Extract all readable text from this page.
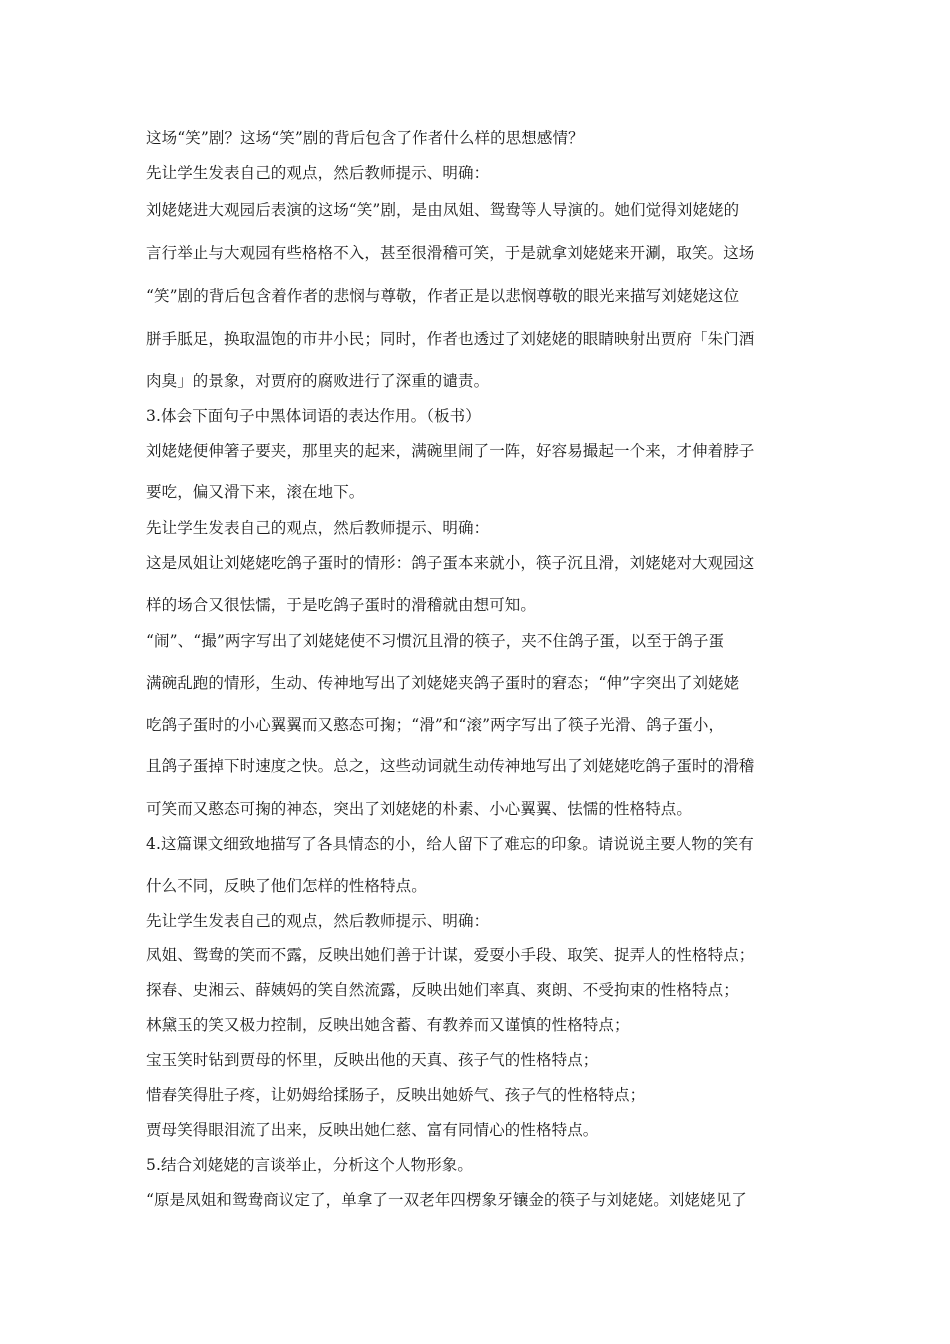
这场“笑”剧？这场“笑”剧的背后包含了作者什么样的思想感情？
先让学生发表自己的观点，然后教师提示、明确：
刘姥姥进大观园后表演的这场“笑”剧，是由凤姐、鸳鸯等人导演的。她们觉得刘姥姥的
言行举止与大观园有些格格不入，甚至很滑稽可笑，于是就拿刘姥姥来开涮，取笑。这场
“笑”剧的背后包含着作者的悲悯与尊敬，作者正是以悲悯尊敬的眼光来描写刘姥姥这位
胼手胝足，换取温饱的市井小民；同时，作者也透过了刘姥姥的眼睛映射出贾府「朱门酒
肉臭」的景象，对贾府的腐败进行了深重的谴责。
3.体会下面句子中黑体词语的表达作用。（板书）
刘姥姥便伸箸子要夹，那里夹的起来，满碗里闹了一阵，好容易撮起一个来，才伸着脖子
要吃，偏又滑下来，滚在地下。
先让学生发表自己的观点，然后教师提示、明确：
这是凤姐让刘姥姥吃鸽子蛋时的情形：鸽子蛋本来就小，筷子沉且滑，刘姥姥对大观园这
样的场合又很怯懦，于是吃鸽子蛋时的滑稽就由想可知。
“闹”、“撮”两字写出了刘姥姥使不习惯沉且滑的筷子，夹不住鸽子蛋，以至于鸽子蛋
满碗乱跑的情形，生动、传神地写出了刘姥姥夹鸽子蛋时的窘态；“伸”字突出了刘姥姥
吃鸽子蛋时的小心翼翼而又憨态可掬；“滑”和“滚”两字写出了筷子光滑、鸽子蛋小，
且鸽子蛋掉下时速度之快。总之，这些动词就生动传神地写出了刘姥姥吃鸽子蛋时的滑稽
可笑而又憨态可掬的神态，突出了刘姥姥的朴素、小心翼翼、怯懦的性格特点。
4.这篇课文细致地描写了各具情态的小，给人留下了难忘的印象。请说说主要人物的笑有
什么不同，反映了他们怎样的性格特点。
先让学生发表自己的观点，然后教师提示、明确：
凤姐、鸳鸯的笑而不露，反映出她们善于计谋，爱耍小手段、取笑、捉弄人的性格特点；
探春、史湘云、薛姨妈的笑自然流露，反映出她们率真、爽朗、不受拘束的性格特点；
林黛玉的笑又极力控制，反映出她含蓄、有教养而又谨慎的性格特点；
宝玉笑时钻到贾母的怀里，反映出他的天真、孩子气的性格特点；
惜春笑得肚子疼，让奶姆给揉肠子，反映出她娇气、孩子气的性格特点；
贾母笑得眼泪流了出来，反映出她仁慈、富有同情心的性格特点。
5.结合刘姥姥的言谈举止，分析这个人物形象。
“原是凤姐和鸳鸯商议定了，单拿了一双老年四楞象牙镶金的筷子与刘姥姥。刘姥姥见了
